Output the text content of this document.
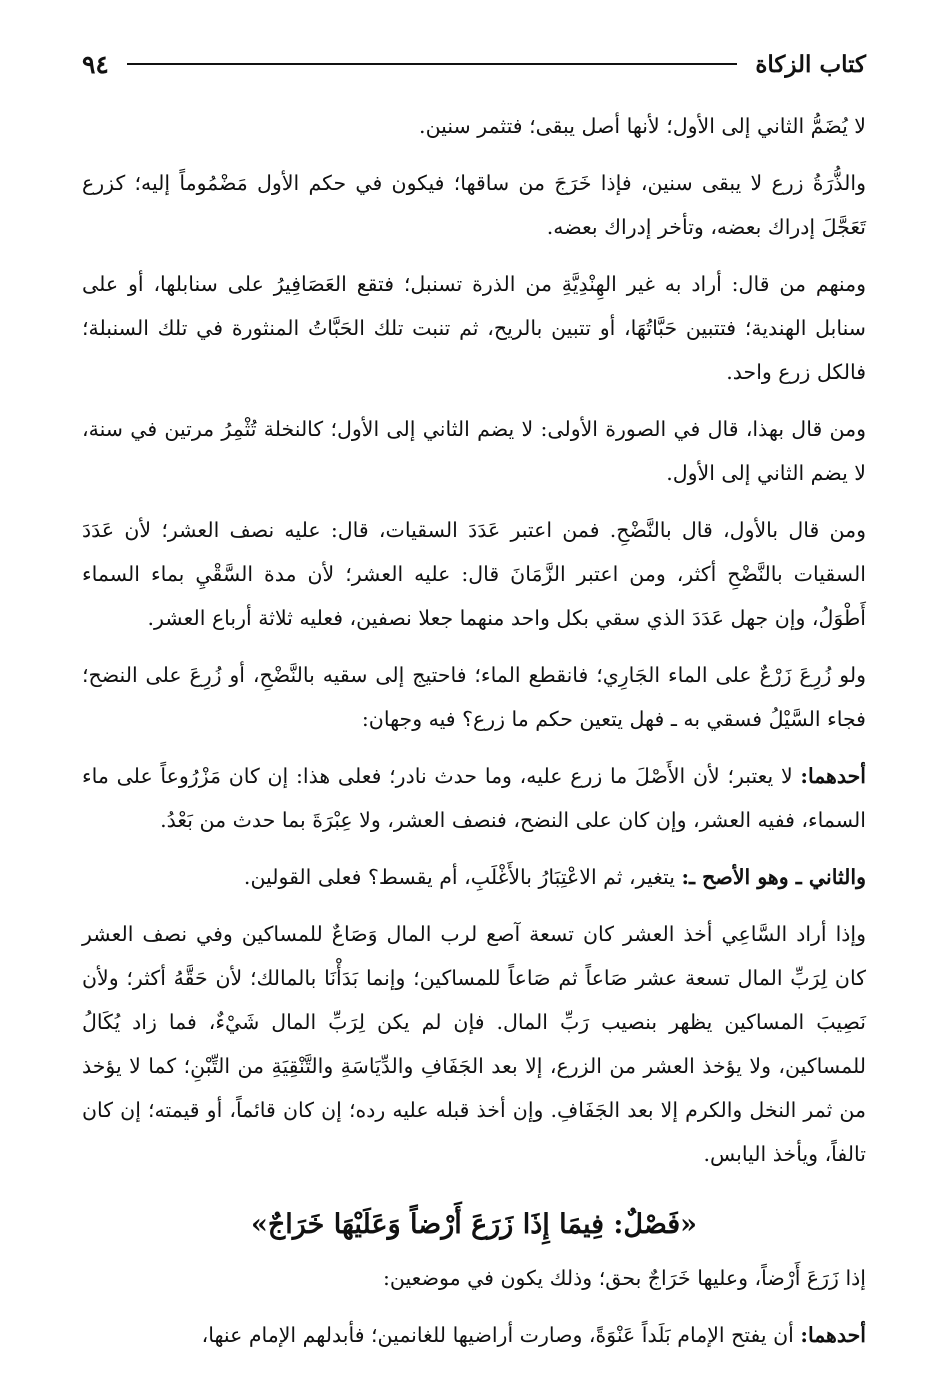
كتاب الزكاة
٩٤

لا يُضَمُّ الثاني إلى الأول؛ لأنها أصل يبقى؛ فتثمر سنين.

والذُّرَةُ زرع لا يبقى سنين، فإذا خَرَجَ من ساقها؛ فيكون في حكم الأول مَضْمُوماً إليه؛ كزرع تَعَجَّلَ إدراك بعضه، وتأخر إدراك بعضه.

ومنهم من قال: أراد به غير الهِنْدِيَّةِ من الذرة تسنبل؛ فتقع العَصَافِيرُ على سنابلها، أو على سنابل الهندية؛ فتتبين حَبَّاتُهَا، أو تتبين بالريح، ثم تنبت تلك الحَبَّاتُ المنثورة في تلك السنبلة؛ فالكل زرع واحد.

ومن قال بهذا، قال في الصورة الأولى: لا يضم الثاني إلى الأول؛ كالنخلة تُثْمِرُ مرتين في سنة، لا يضم الثاني إلى الأول.

ومن قال بالأول، قال بالنَّضْحِ. فمن اعتبر عَدَدَ السقيات، قال: عليه نصف العشر؛ لأن عَدَدَ السقيات بالنَّضْحِ أكثر، ومن اعتبر الزَّمَانَ قال: عليه العشر؛ لأن مدة السَّقْيِ بماء السماء أَطْوَلُ، وإن جهل عَدَدَ الذي سقي بكل واحد منهما جعلا نصفين، فعليه ثلاثة أرباع العشر.

ولو زُرِعَ زَرْعٌ على الماء الجَارِي؛ فانقطع الماء؛ فاحتيج إلى سقيه بالنَّضْحِ، أو زُرِعَ على النضح؛ فجاء السَّيْلُ فسقي به ـ فهل يتعين حكم ما زرع؟ فيه وجهان:

أحدهما: لا يعتبر؛ لأن الأَصْلَ ما زرع عليه، وما حدث نادر؛ فعلى هذا: إن كان مَزْرُوعاً على ماء السماء، ففيه العشر، وإن كان على النضح، فنصف العشر، ولا عِبْرَةَ بما حدث من بَعْدُ.

والثاني ـ وهو الأصح ـ: يتغير، ثم الاعْتِبَارُ بالأَغْلَبِ، أم يقسط؟ فعلى القولين.

وإذا أراد السَّاعِي أخذ العشر كان تسعة آصع لرب المال وَصَاعٌ للمساكين وفي نصف العشر كان لِرَبِّ المال تسعة عشر صَاعاً ثم صَاعاً للمساكين؛ وإنما بَدَأْنَا بالمالك؛ لأن حَقَّهُ أكثر؛ ولأن نَصِيبَ المساكين يظهر بنصيب رَبِّ المال. فإن لم يكن لِرَبِّ المال شَيْءٌ، فما زاد يُكَالُ للمساكين، ولا يؤخذ العشر من الزرع، إلا بعد الجَفَافِ والدِّيَاسَةِ والتَّنْقِيَةِ من التِّبْنِ؛ كما لا يؤخذ من ثمر النخل والكرم إلا بعد الجَفَافِ. وإن أخذ قبله عليه رده؛ إن كان قائماً، أو قيمته؛ إن كان تالفاً، ويأخذ اليابس.

«فَصْلٌ: فِيمَا إِذَا زَرَعَ أَرْضاً وَعَلَيْهَا خَرَاجٌ»

إذا زَرَعَ أَرْضاً، وعليها خَرَاجٌ بحق؛ وذلك يكون في موضعين:

أحدهما: أن يفتح الإمام بَلَداً عَنْوَةً، وصارت أراضيها للغانمين؛ فأبدلهم الإمام عنها،
